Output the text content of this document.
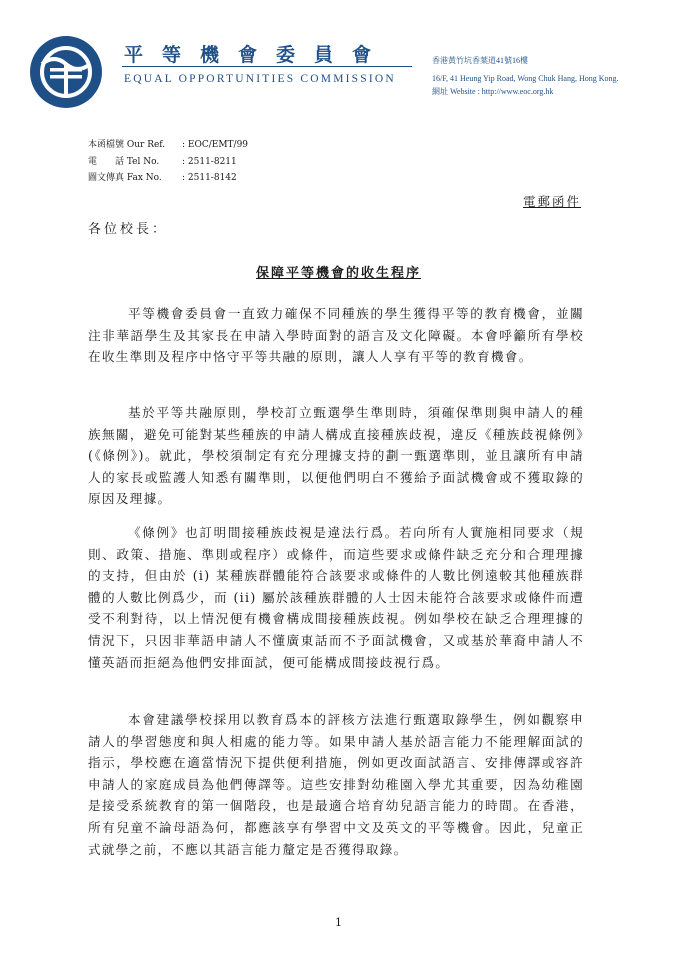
平等機會委員會
EQUAL OPPORTUNITIES COMMISSION
香港黃竹坑香葉道41號16樓
16/F, 41 Heung Yip Road, Wong Chuk Hang, Hong Kong.
網址 Website : http://www.eoc.org.hk
本函檔號 Our Ref. : EOC/EMT/99
電　　話 Tel No.	: 2511-8211
圖文傳真 Fax No. : 2511-8142
電郵函件
各位校長：
保障平等機會的收生程序

平等機會委員會一直致力確保不同種族的學生獲得平等的教育機會，並關注非華語學生及其家長在申請入學時面對的語言及文化障礙。本會呼籲所有學校在收生準則及程序中恪守平等共融的原則，讓人人享有平等的教育機會。

基於平等共融原則，學校訂立甄選學生準則時，須確保準則與申請人的種族無關，避免可能對某些種族的申請人構成直接種族歧視，違反《種族歧視條例》(《條例》)。就此，學校須制定有充分理據支持的劃一甄選準則，並且讓所有申請人的家長或監護人知悉有關準則，以便他們明白不獲給予面試機會或不獲取錄的原因及理據。

《條例》也訂明間接種族歧視是違法行爲。若向所有人實施相同要求（規則、政策、措施、準則或程序）或條件，而這些要求或條件缺乏充分和合理理據的支持，但由於 (i) 某種族群體能符合該要求或條件的人數比例遠較其他種族群體的人數比例爲少，而 (ii) 屬於該種族群體的人士因未能符合該要求或條件而遭受不利對待，以上情況便有機會構成間接種族歧視。例如學校在缺乏合理理據的情況下，只因非華語申請人不懂廣東話而不予面試機會，又或基於華裔申請人不懂英語而拒絕為他們安排面試，便可能構成間接歧視行爲。

本會建議學校採用以教育爲本的評核方法進行甄選取錄學生，例如觀察申請人的學習態度和與人相處的能力等。如果申請人基於語言能力不能理解面試的指示，學校應在適當情況下提供便利措施，例如更改面試語言、安排傳譯或容許申請人的家庭成員為他們傳譯等。這些安排對幼稚園入學尤其重要，因為幼稚園是接受系統教育的第一個階段，也是最適合培育幼兒語言能力的時間。在香港，所有兒童不論母語為何，都應該享有學習中文及英文的平等機會。因此，兒童正式就學之前，不應以其語言能力釐定是否獲得取錄。

1
